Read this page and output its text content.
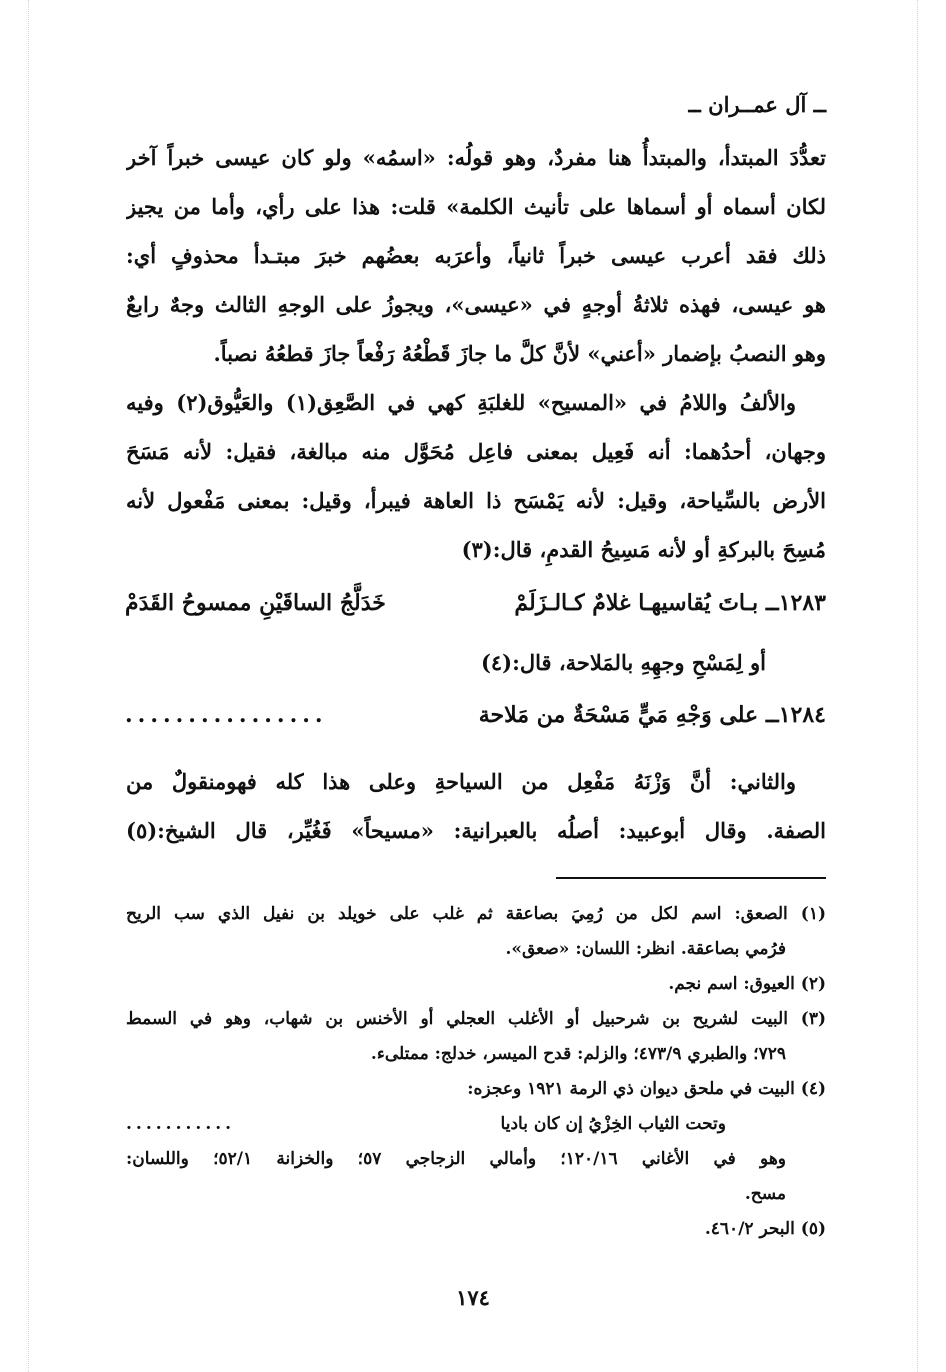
ــ آل عمــران ــ
تعدُّدَ المبتدأ، والمبتدأُ هنا مفردٌ، وهو قولُه: «اسمُه» ولو كان عيسى خبراً آخر
لكان أسماه أو أسماها على تأنيث الكلمة» قلت: هذا على رأي، وأما من يجيز
ذلك فقد أعرب عيسى خبراً ثانياً، وأعرَبه بعضُهم خبرَ مبتـدأ محذوفٍ أي:
هو عيسى، فهذه ثلاثةُ أوجهٍ في «عيسى»، ويجوزُ على الوجهِ الثالث وجهٌ رابعٌ
وهو النصبُ بإضمار «أعني» لأنَّ كلَّ ما جازَ قَطْعُهُ رَفْعاً جازَ قطعُهُ نصباً.
والألفُ واللامُ في «المسيح» للغلبَةِ كهي في الصَّعِق(١) والعَيُّوق(٢) وفيه
وجهان، أحدُهما: أنه فَعِيل بمعنى فاعِل مُحَوَّل منه مبالغة، فقيل: لأنه مَسَحَ
الأرض بالسِّياحة، وقيل: لأنه يَمْسَح ذا العاهة فيبرأ، وقيل: بمعنى مَفْعول لأنه
مُسِحَ بالبركةِ أو لأنه مَسِيحُ القدمِ، قال:(٣)
١٢٨٣ــ بـاتَ يُقاسيهـا غلامٌ كـالـزَلَمْ
خَدَلَّجُ الساقَيْنِ ممسوحُ القَدَمْ
أو لِمَسْحِ وجهِهِ بالمَلاحة، قال:(٤)
١٢٨٤ــ على وَجْهِ مَيٍّ مَسْحَةٌ من مَلاحة
................
والثاني: أنَّ وَزْنَهُ مَفْعِل من السياحةِ وعلى هذا كله فهومنقولٌ من
الصفة. وقال أبوعبيد: أصلُه بالعبرانية: «مسيحاً» فَغُيِّر، قال الشيخ:(٥)
(١) الصعق: اسم لكل من رُمِيَ بصاعقة ثم غلب على خويلد بن نفيل الذي سب الريح
فرُمي بصاعقة. انظر: اللسان: «صعق».
(٢) العيوق: اسم نجم.
(٣) البيت لشريح بن شرحبيل أو الأغلب العجلي أو الأخنس بن شهاب، وهو في السمط
٧٢٩؛ والطبري ٤٧٣/٩؛ والزلم: قدح الميسر، خدلج: ممتلىء.
(٤) البيت في ملحق ديوان ذي الرمة ١٩٢١ وعجزه:
وتحت الثياب الخِزْيُ إن كان باديا
...........
وهو في الأغاني ١٢٠/١٦؛ وأمالي الزجاجي ٥٧؛ والخزانة ٥٢/١؛ واللسان:
مسح.
(٥) البحر ٤٦٠/٢.
١٧٤
